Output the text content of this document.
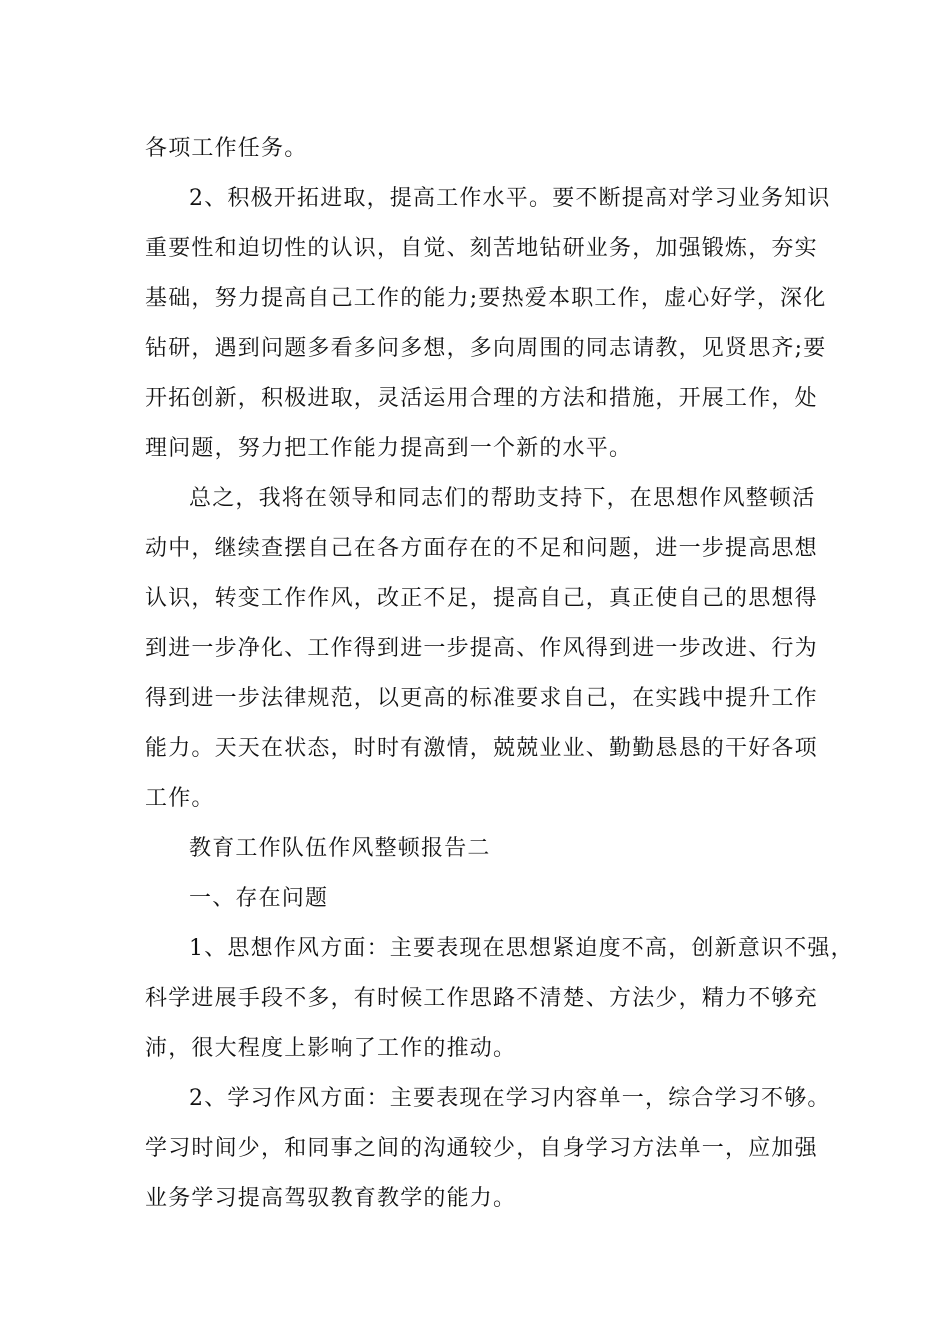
各项工作任务。
2、积极开拓进取，提高工作水平。要不断提高对学习业务知识
重要性和迫切性的认识，自觉、刻苦地钻研业务，加强锻炼，夯实
基础，努力提高自己工作的能力;要热爱本职工作，虚心好学，深化
钻研，遇到问题多看多问多想，多向周围的同志请教，见贤思齐;要
开拓创新，积极进取，灵活运用合理的方法和措施，开展工作，处
理问题，努力把工作能力提高到一个新的水平。
总之，我将在领导和同志们的帮助支持下，在思想作风整顿活
动中，继续查摆自己在各方面存在的不足和问题，进一步提高思想
认识，转变工作作风，改正不足，提高自己，真正使自己的思想得
到进一步净化、工作得到进一步提高、作风得到进一步改进、行为
得到进一步法律规范，以更高的标准要求自己，在实践中提升工作
能力。天天在状态，时时有激情，兢兢业业、勤勤恳恳的干好各项
工作。
教育工作队伍作风整顿报告二
一、存在问题
1、思想作风方面：主要表现在思想紧迫度不高，创新意识不强，
科学进展手段不多，有时候工作思路不清楚、方法少，精力不够充
沛，很大程度上影响了工作的推动。
2、学习作风方面：主要表现在学习内容单一，综合学习不够。
学习时间少，和同事之间的沟通较少，自身学习方法单一，应加强
业务学习提高驾驭教育教学的能力。
